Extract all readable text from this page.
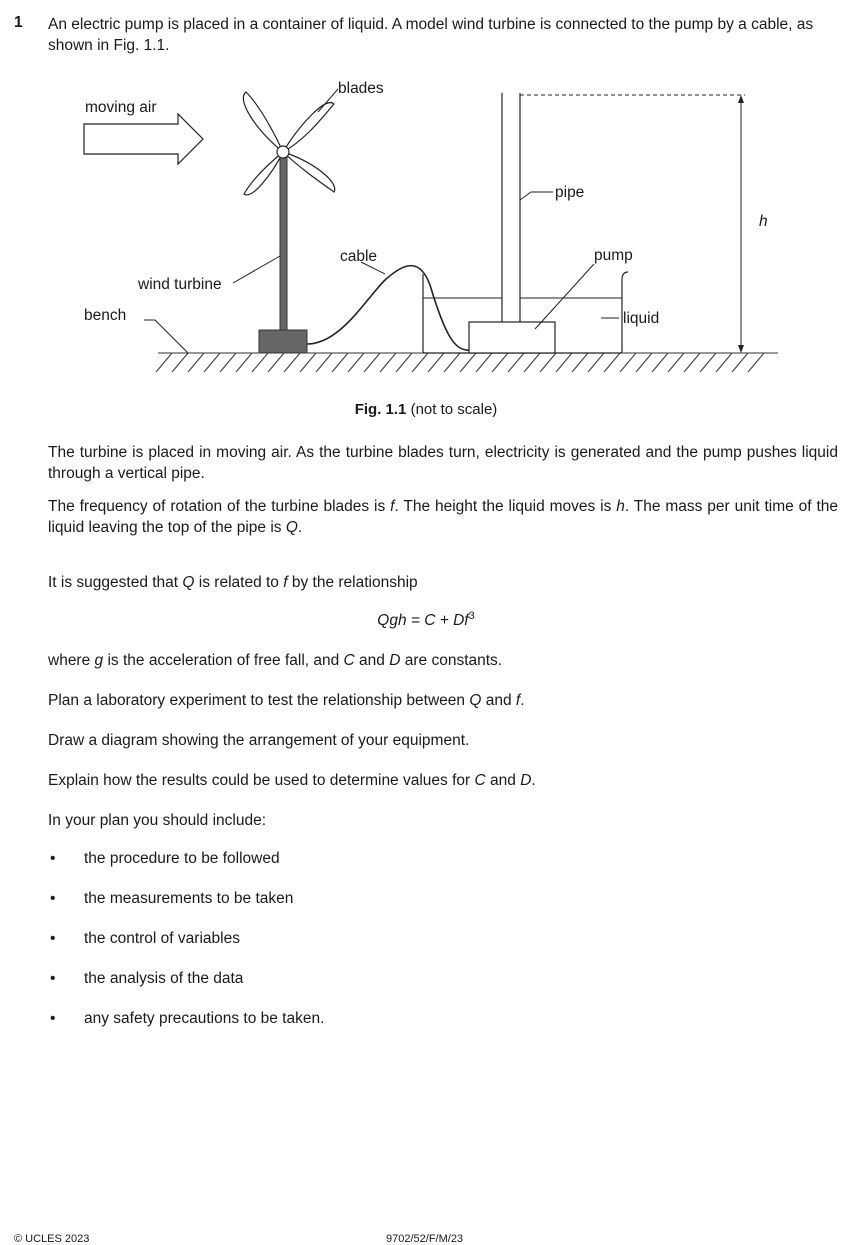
1 An electric pump is placed in a container of liquid. A model wind turbine is connected to the pump by a cable, as shown in Fig. 1.1.
moving air
blades
pipe
h
cable	pump
wind turbine
bench	liquid
Fig. 1.1 (not to scale)
The turbine is placed in moving air. As the turbine blades turn, electricity is generated and the pump pushes liquid through a vertical pipe.
The frequency of rotation of the turbine blades is f. The height the liquid moves is h. The mass per unit time of the liquid leaving the top of the pipe is Q.
It is suggested that Q is related to f by the relationship
Qgh = $C + Df^3$
where g is the acceleration of free fall, and C and D are constants.
Plan a laboratory experiment to test the relationship between Q and f.
Draw a diagram showing the arrangement of your equipment.
Explain how the results could be used to determine values for C and D.
In your plan you should include:
• the procedure to be followed
• the measurements to be taken
• the control of variables
• the analysis of the data
• any safety precautions to be taken.
© UCLES 2023	9702/52/F/M/23
